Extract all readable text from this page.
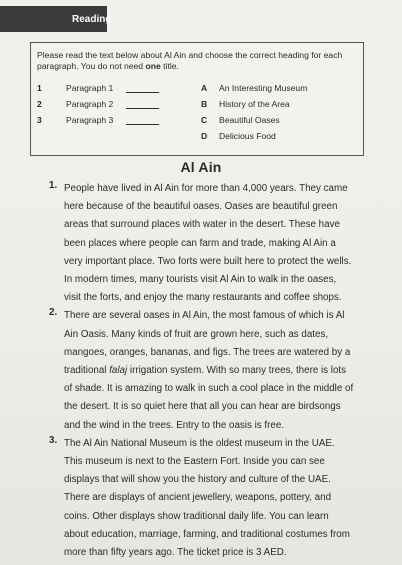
Reading
Please read the text below about Al Ain and choose the correct heading for each paragraph. You do not need one title.
1	Paragraph 1
2	Paragraph 2
3	Paragraph 3
A	An Interesting Museum
B	History of the Area
C	Beautiful Oases
D	Delicious Food
Al Ain
1. People have lived in Al Ain for more than 4,000 years. They came
here because of the beautiful oases. Oases are beautiful green
areas that surround places with water in the desert. These have
been places where people can farm and trade, making Al Ain a
very important place. Two forts were built here to protect the wells.
In modern times, many tourists visit Al Ain to walk in the oases,
visit the forts, and enjoy the many restaurants and coffee shops.
2. There are several oases in Al Ain, the most famous of which is Al
Ain Oasis. Many kinds of fruit are grown here, such as dates,
mangoes, oranges, bananas, and figs. The trees are watered by a
traditional falaj irrigation system. With so many trees, there is lots
of shade. It is amazing to walk in such a cool place in the middle of
the desert. It is so quiet here that all you can hear are birdsongs
and the wind in the trees. Entry to the oasis is free.
3. The Al Ain National Museum is the oldest museum in the UAE.
This museum is next to the Eastern Fort. Inside you can see
displays that will show you the history and culture of the UAE.
There are displays of ancient jewellery, weapons, pottery, and
coins. Other displays show traditional daily life. You can learn
about education, marriage, farming, and traditional costumes from
more than fifty years ago. The ticket price is 3 AED.
